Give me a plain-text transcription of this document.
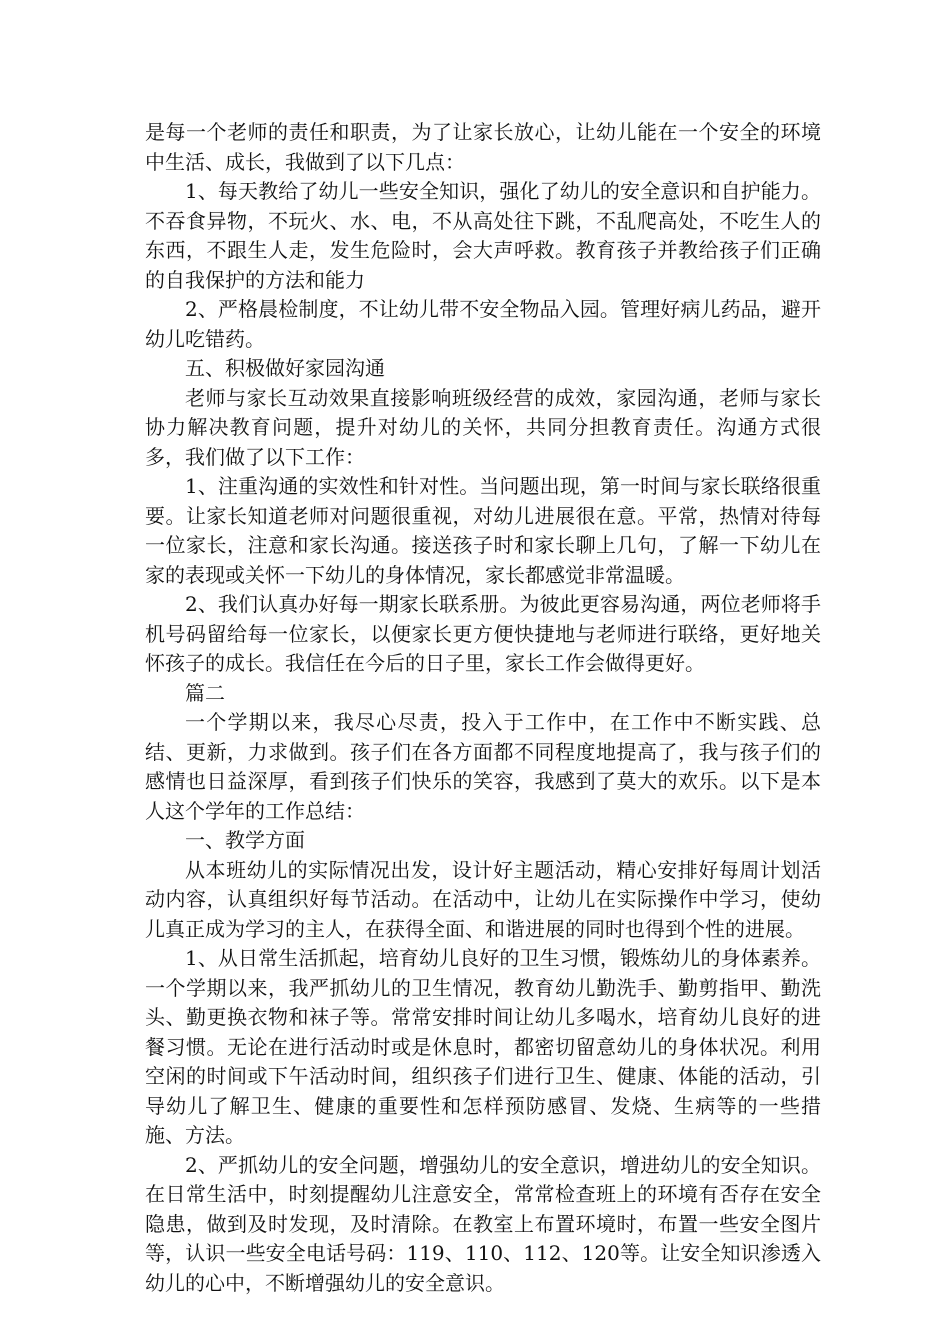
是每一个老师的责任和职责，为了让家长放心，让幼儿能在一个安全的环境中生活、成长，我做到了以下几点：

1、每天教给了幼儿一些安全知识，强化了幼儿的安全意识和自护能力。不吞食异物，不玩火、水、电，不从高处往下跳，不乱爬高处，不吃生人的东西，不跟生人走，发生危险时，会大声呼救。教育孩子并教给孩子们正确的自我保护的方法和能力

2、严格晨检制度，不让幼儿带不安全物品入园。管理好病儿药品，避开幼儿吃错药。

五、积极做好家园沟通

老师与家长互动效果直接影响班级经营的成效，家园沟通，老师与家长协力解决教育问题，提升对幼儿的关怀，共同分担教育责任。沟通方式很多，我们做了以下工作：

1、注重沟通的实效性和针对性。当问题出现，第一时间与家长联络很重要。让家长知道老师对问题很重视，对幼儿进展很在意。平常，热情对待每一位家长，注意和家长沟通。接送孩子时和家长聊上几句，了解一下幼儿在家的表现或关怀一下幼儿的身体情况，家长都感觉非常温暖。

2、我们认真办好每一期家长联系册。为彼此更容易沟通，两位老师将手机号码留给每一位家长，以便家长更方便快捷地与老师进行联络，更好地关怀孩子的成长。我信任在今后的日子里，家长工作会做得更好。

篇二

一个学期以来，我尽心尽责，投入于工作中，在工作中不断实践、总结、更新，力求做到。孩子们在各方面都不同程度地提高了，我与孩子们的感情也日益深厚，看到孩子们快乐的笑容，我感到了莫大的欢乐。以下是本人这个学年的工作总结：

一、教学方面

从本班幼儿的实际情况出发，设计好主题活动，精心安排好每周计划活动内容，认真组织好每节活动。在活动中，让幼儿在实际操作中学习，使幼儿真正成为学习的主人，在获得全面、和谐进展的同时也得到个性的进展。

1、从日常生活抓起，培育幼儿良好的卫生习惯，锻炼幼儿的身体素养。一个学期以来，我严抓幼儿的卫生情况，教育幼儿勤洗手、勤剪指甲、勤洗头、勤更换衣物和袜子等。常常安排时间让幼儿多喝水，培育幼儿良好的进餐习惯。无论在进行活动时或是休息时，都密切留意幼儿的身体状况。利用空闲的时间或下午活动时间，组织孩子们进行卫生、健康、体能的活动，引导幼儿了解卫生、健康的重要性和怎样预防感冒、发烧、生病等的一些措施、方法。

2、严抓幼儿的安全问题，增强幼儿的安全意识，增进幼儿的安全知识。在日常生活中，时刻提醒幼儿注意安全，常常检查班上的环境有否存在安全隐患，做到及时发现，及时清除。在教室上布置环境时，布置一些安全图片等，认识一些安全电话号码：119、110、112、120等。让安全知识渗透入幼儿的心中，不断增强幼儿的安全意识。
